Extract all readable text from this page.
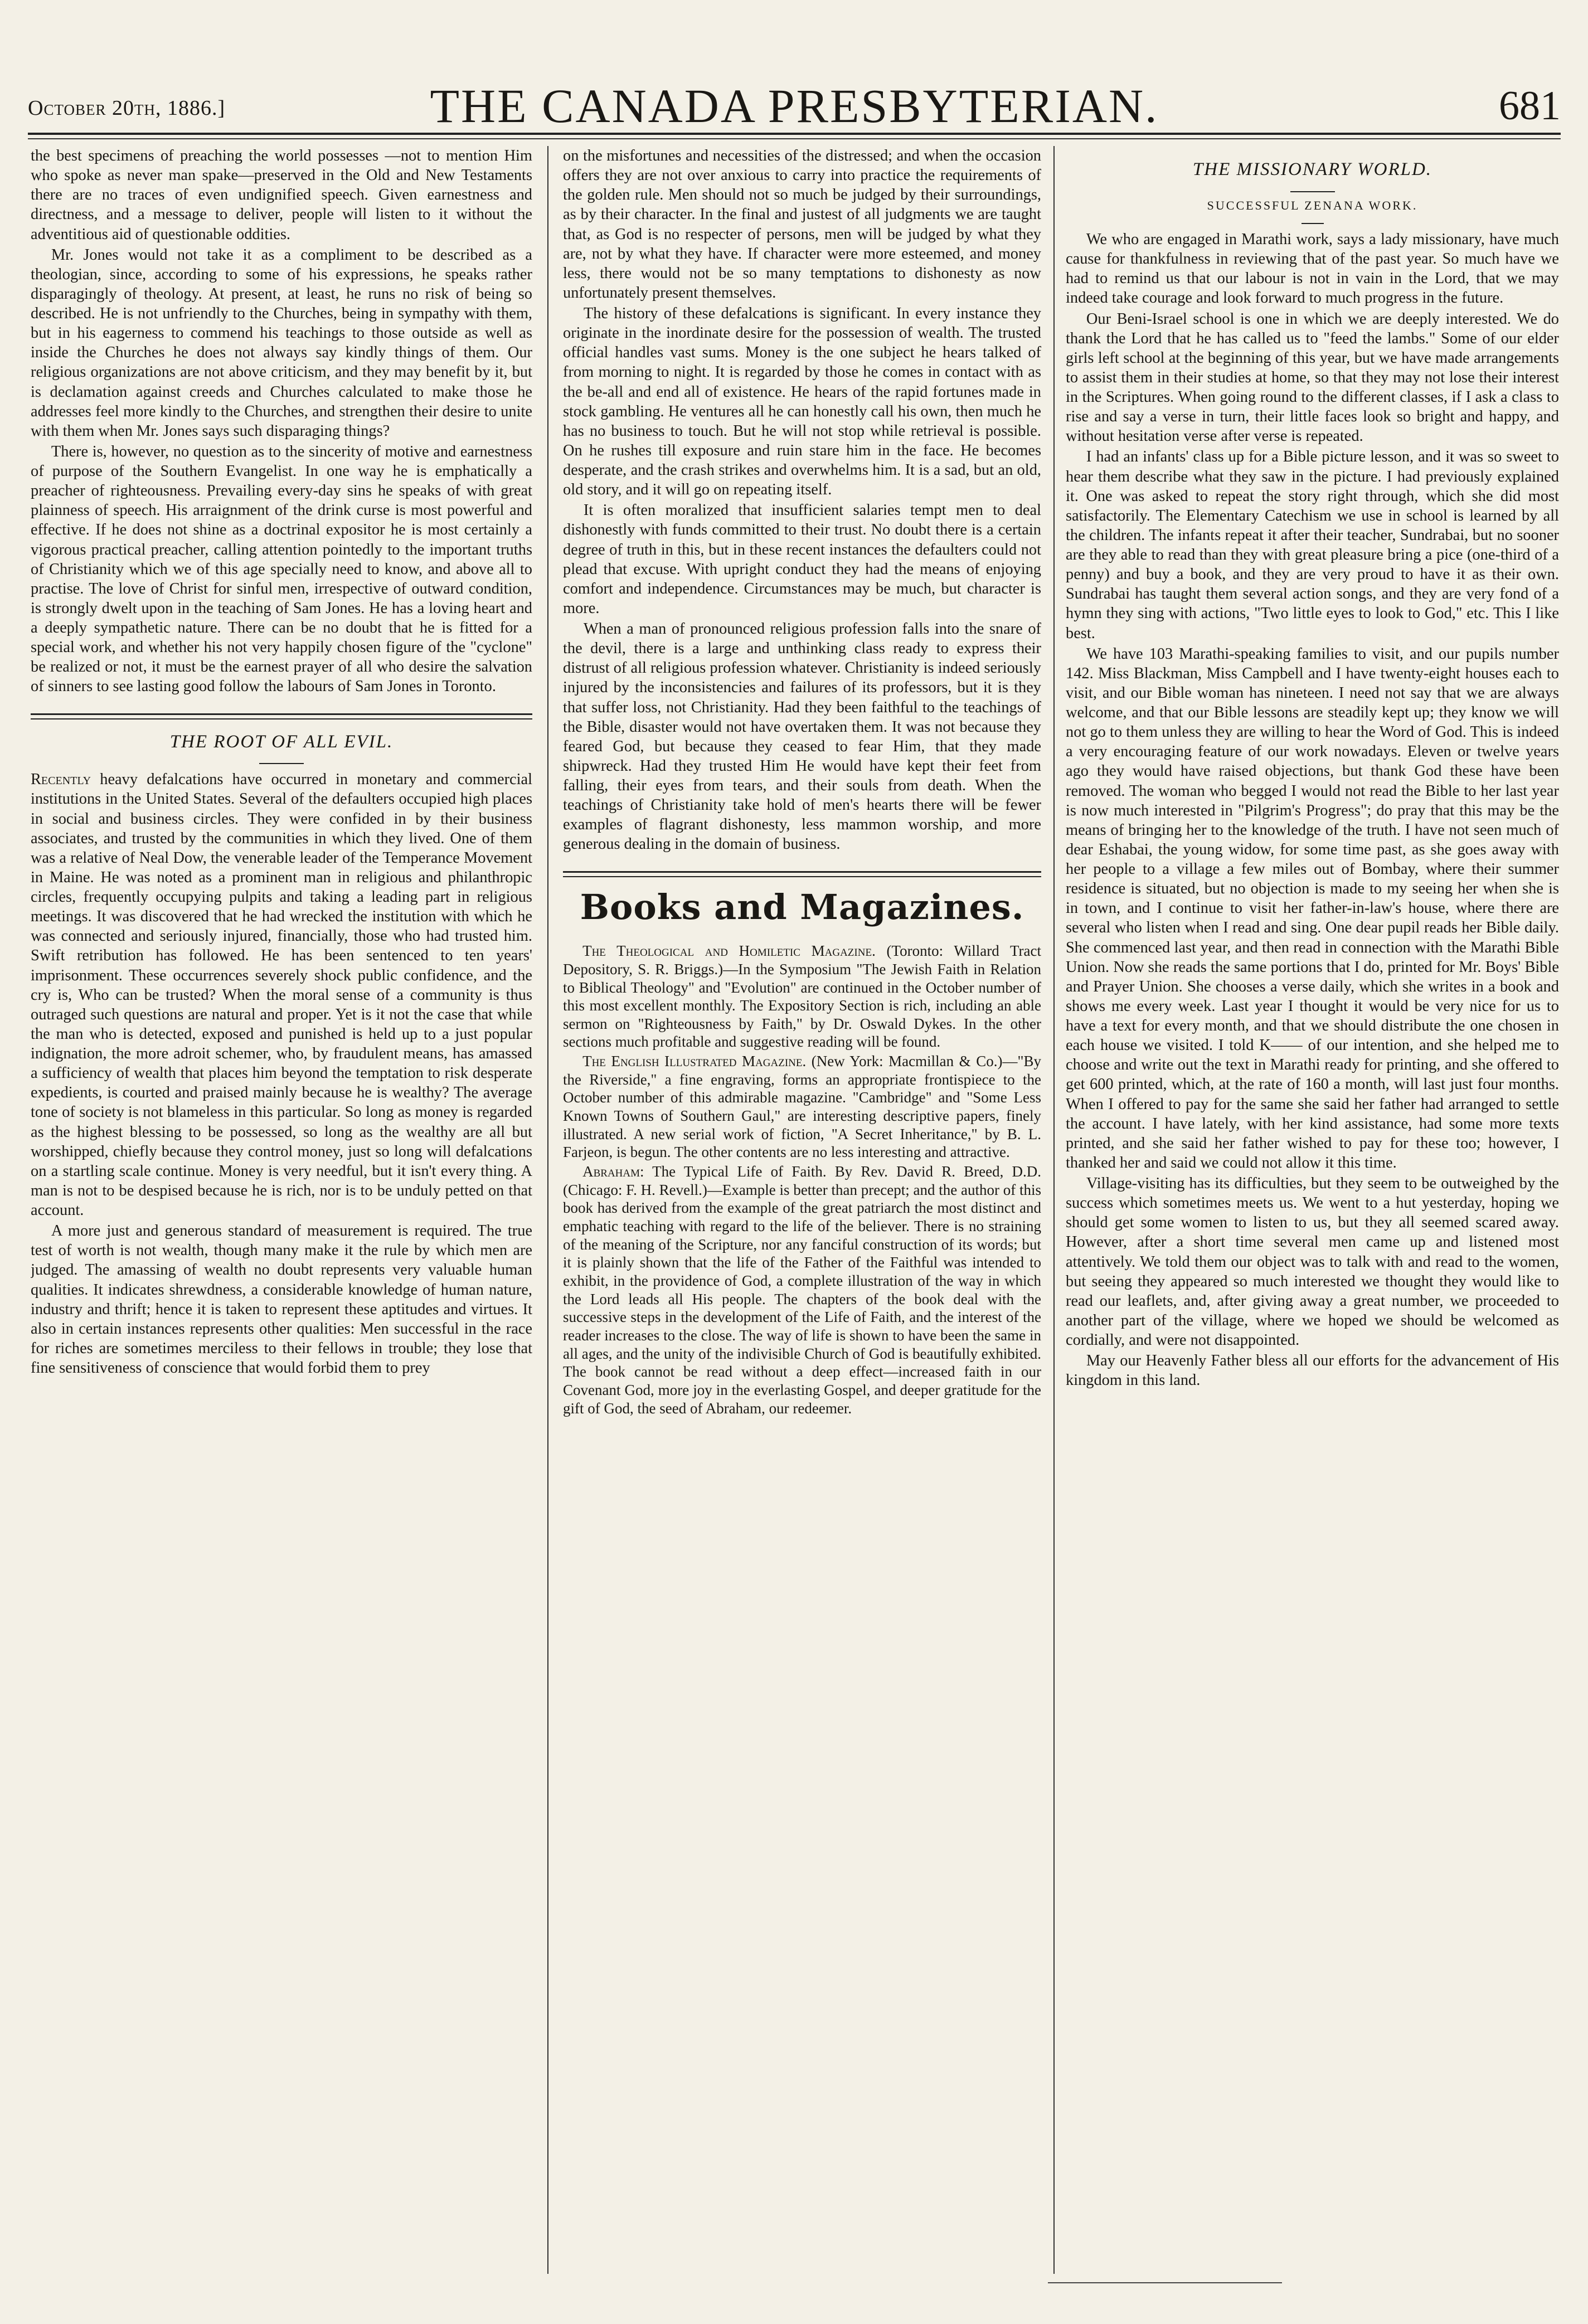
October 20th, 1886.]	THE CANADA PRESBYTERIAN.	681

the best specimens of preaching the world possesses —not to mention Him who spoke as never man spake—preserved in the Old and New Testaments there are no traces of even undignified speech. Given earnestness and directness, and a message to deliver, people will listen to it without the adventitious aid of questionable oddities.

Mr. Jones would not take it as a compliment to be described as a theologian, since, according to some of his expressions, he speaks rather disparagingly of theology. At present, at least, he runs no risk of being so described. He is not unfriendly to the Churches, being in sympathy with them, but in his eagerness to commend his teachings to those outside as well as inside the Churches he does not always say kindly things of them. Our religious organizations are not above criticism, and they may benefit by it, but is declamation against creeds and Churches calculated to make those he addresses feel more kindly to the Churches, and strengthen their desire to unite with them when Mr. Jones says such disparaging things?

There is, however, no question as to the sincerity of motive and earnestness of purpose of the Southern Evangelist. In one way he is emphatically a preacher of righteousness. Prevailing every-day sins he speaks of with great plainness of speech. His arraignment of the drink curse is most powerful and effective. If he does not shine as a doctrinal expositor he is most certainly a vigorous practical preacher, calling attention pointedly to the important truths of Christianity which we of this age specially need to know, and above all to practise. The love of Christ for sinful men, irrespective of outward condition, is strongly dwelt upon in the teaching of Sam Jones. He has a loving heart and a deeply sympathetic nature. There can be no doubt that he is fitted for a special work, and whether his not very happily chosen figure of the "cyclone" be realized or not, it must be the earnest prayer of all who desire the salvation of sinners to see lasting good follow the labours of Sam Jones in Toronto.

THE ROOT OF ALL EVIL.

Recently heavy defalcations have occurred in monetary and commercial institutions in the United States. Several of the defaulters occupied high places in social and business circles. They were confided in by their business associates, and trusted by the communities in which they lived. One of them was a relative of Neal Dow, the venerable leader of the Temperance Movement in Maine. He was noted as a prominent man in religious and philanthropic circles, frequently occupying pulpits and taking a leading part in religious meetings. It was discovered that he had wrecked the institution with which he was connected and seriously injured, financially, those who had trusted him. Swift retribution has followed. He has been sentenced to ten years' imprisonment. These occurrences severely shock public confidence, and the cry is, Who can be trusted? When the moral sense of a community is thus outraged such questions are natural and proper. Yet is it not the case that while the man who is detected, exposed and punished is held up to a just popular indignation, the more adroit schemer, who, by fraudulent means, has amassed a sufficiency of wealth that places him beyond the temptation to risk desperate expedients, is courted and praised mainly because he is wealthy? The average tone of society is not blameless in this particular. So long as money is regarded as the highest blessing to be possessed, so long as the wealthy are all but worshipped, chiefly because they control money, just so long will defalcations on a startling scale continue. Money is very needful, but it isn't every thing. A man is not to be despised because he is rich, nor is to be unduly petted on that account.

A more just and generous standard of measurement is required. The true test of worth is not wealth, though many make it the rule by which men are judged. The amassing of wealth no doubt represents very valuable human qualities. It indicates shrewdness, a considerable knowledge of human nature, industry and thrift; hence it is taken to represent these aptitudes and virtues. It also in certain instances represents other qualities: Men successful in the race for riches are sometimes merciless to their fellows in trouble; they lose that fine sensitiveness of conscience that would forbid them to prey

on the misfortunes and necessities of the distressed; and when the occasion offers they are not over anxious to carry into practice the requirements of the golden rule. Men should not so much be judged by their surroundings, as by their character. In the final and justest of all judgments we are taught that, as God is no respecter of persons, men will be judged by what they are, not by what they have. If character were more esteemed, and money less, there would not be so many temptations to dishonesty as now unfortunately present themselves.

The history of these defalcations is significant. In every instance they originate in the inordinate desire for the possession of wealth. The trusted official handles vast sums. Money is the one subject he hears talked of from morning to night. It is regarded by those he comes in contact with as the be-all and end all of existence. He hears of the rapid fortunes made in stock gambling. He ventures all he can honestly call his own, then much he has no business to touch. But he will not stop while retrieval is possible. On he rushes till exposure and ruin stare him in the face. He becomes desperate, and the crash strikes and overwhelms him. It is a sad, but an old, old story, and it will go on repeating itself.

It is often moralized that insufficient salaries tempt men to deal dishonestly with funds committed to their trust. No doubt there is a certain degree of truth in this, but in these recent instances the defaulters could not plead that excuse. With upright conduct they had the means of enjoying comfort and independence. Circumstances may be much, but character is more.

When a man of pronounced religious profession falls into the snare of the devil, there is a large and unthinking class ready to express their distrust of all religious profession whatever. Christianity is indeed seriously injured by the inconsistencies and failures of its professors, but it is they that suffer loss, not Christianity. Had they been faithful to the teachings of the Bible, disaster would not have overtaken them. It was not because they feared God, but because they ceased to fear Him, that they made shipwreck. Had they trusted Him He would have kept their feet from falling, their eyes from tears, and their souls from death. When the teachings of Christianity take hold of men's hearts there will be fewer examples of flagrant dishonesty, less mammon worship, and more generous dealing in the domain of business.

Books and Magazines.

The Theological and Homiletic Magazine. (Toronto: Willard Tract Depository, S. R. Briggs.)—In the Symposium "The Jewish Faith in Relation to Biblical Theology" and "Evolution" are continued in the October number of this most excellent monthly. The Expository Section is rich, including an able sermon on "Righteousness by Faith," by Dr. Oswald Dykes. In the other sections much profitable and suggestive reading will be found.

The English Illustrated Magazine. (New York: Macmillan & Co.)—"By the Riverside," a fine engraving, forms an appropriate frontispiece to the October number of this admirable magazine. "Cambridge" and "Some Less Known Towns of Southern Gaul," are interesting descriptive papers, finely illustrated. A new serial work of fiction, "A Secret Inheritance," by B. L. Farjeon, is begun. The other contents are no less interesting and attractive.

Abraham: The Typical Life of Faith. By Rev. David R. Breed, D.D. (Chicago: F. H. Revell.)—Example is better than precept; and the author of this book has derived from the example of the great patriarch the most distinct and emphatic teaching with regard to the life of the believer. There is no straining of the meaning of the Scripture, nor any fanciful construction of its words; but it is plainly shown that the life of the Father of the Faithful was intended to exhibit, in the providence of God, a complete illustration of the way in which the Lord leads all His people. The chapters of the book deal with the successive steps in the development of the Life of Faith, and the interest of the reader increases to the close. The way of life is shown to have been the same in all ages, and the unity of the indivisible Church of God is beautifully exhibited. The book cannot be read without a deep effect—increased faith in our Covenant God, more joy in the everlasting Gospel, and deeper gratitude for the gift of God, the seed of Abraham, our redeemer.

THE MISSIONARY WORLD.
SUCCESSFUL ZENANA WORK.

We who are engaged in Marathi work, says a lady missionary, have much cause for thankfulness in reviewing that of the past year. So much have we had to remind us that our labour is not in vain in the Lord, that we may indeed take courage and look forward to much progress in the future.

Our Beni-Israel school is one in which we are deeply interested. We do thank the Lord that he has called us to "feed the lambs." Some of our elder girls left school at the beginning of this year, but we have made arrangements to assist them in their studies at home, so that they may not lose their interest in the Scriptures. When going round to the different classes, if I ask a class to rise and say a verse in turn, their little faces look so bright and happy, and without hesitation verse after verse is repeated.

I had an infants' class up for a Bible picture lesson, and it was so sweet to hear them describe what they saw in the picture. I had previously explained it. One was asked to repeat the story right through, which she did most satisfactorily. The Elementary Catechism we use in school is learned by all the children. The infants repeat it after their teacher, Sundrabai, but no sooner are they able to read than they with great pleasure bring a pice (one-third of a penny) and buy a book, and they are very proud to have it as their own. Sundrabai has taught them several action songs, and they are very fond of a hymn they sing with actions, "Two little eyes to look to God," etc. This I like best.

We have 103 Marathi-speaking families to visit, and our pupils number 142. Miss Blackman, Miss Campbell and I have twenty-eight houses each to visit, and our Bible woman has nineteen. I need not say that we are always welcome, and that our Bible lessons are steadily kept up; they know we will not go to them unless they are willing to hear the Word of God. This is indeed a very encouraging feature of our work nowadays. Eleven or twelve years ago they would have raised objections, but thank God these have been removed. The woman who begged I would not read the Bible to her last year is now much interested in "Pilgrim's Progress"; do pray that this may be the means of bringing her to the knowledge of the truth. I have not seen much of dear Eshabai, the young widow, for some time past, as she goes away with her people to a village a few miles out of Bombay, where their summer residence is situated, but no objection is made to my seeing her when she is in town, and I continue to visit her father-in-law's house, where there are several who listen when I read and sing. One dear pupil reads her Bible daily. She commenced last year, and then read in connection with the Marathi Bible Union. Now she reads the same portions that I do, printed for Mr. Boys' Bible and Prayer Union. She chooses a verse daily, which she writes in a book and shows me every week. Last year I thought it would be very nice for us to have a text for every month, and that we should distribute the one chosen in each house we visited. I told K—— of our intention, and she helped me to choose and write out the text in Marathi ready for printing, and she offered to get 600 printed, which, at the rate of 160 a month, will last just four months. When I offered to pay for the same she said her father had arranged to settle the account. I have lately, with her kind assistance, had some more texts printed, and she said her father wished to pay for these too; however, I thanked her and said we could not allow it this time.

Village-visiting has its difficulties, but they seem to be outweighed by the success which sometimes meets us. We went to a hut yesterday, hoping we should get some women to listen to us, but they all seemed scared away. However, after a short time several men came up and listened most attentively. We told them our object was to talk with and read to the women, but seeing they appeared so much interested we thought they would like to read our leaflets, and, after giving away a great number, we proceeded to another part of the village, where we hoped we should be welcomed as cordially, and were not disappointed.

May our Heavenly Father bless all our efforts for the advancement of His kingdom in this land.
